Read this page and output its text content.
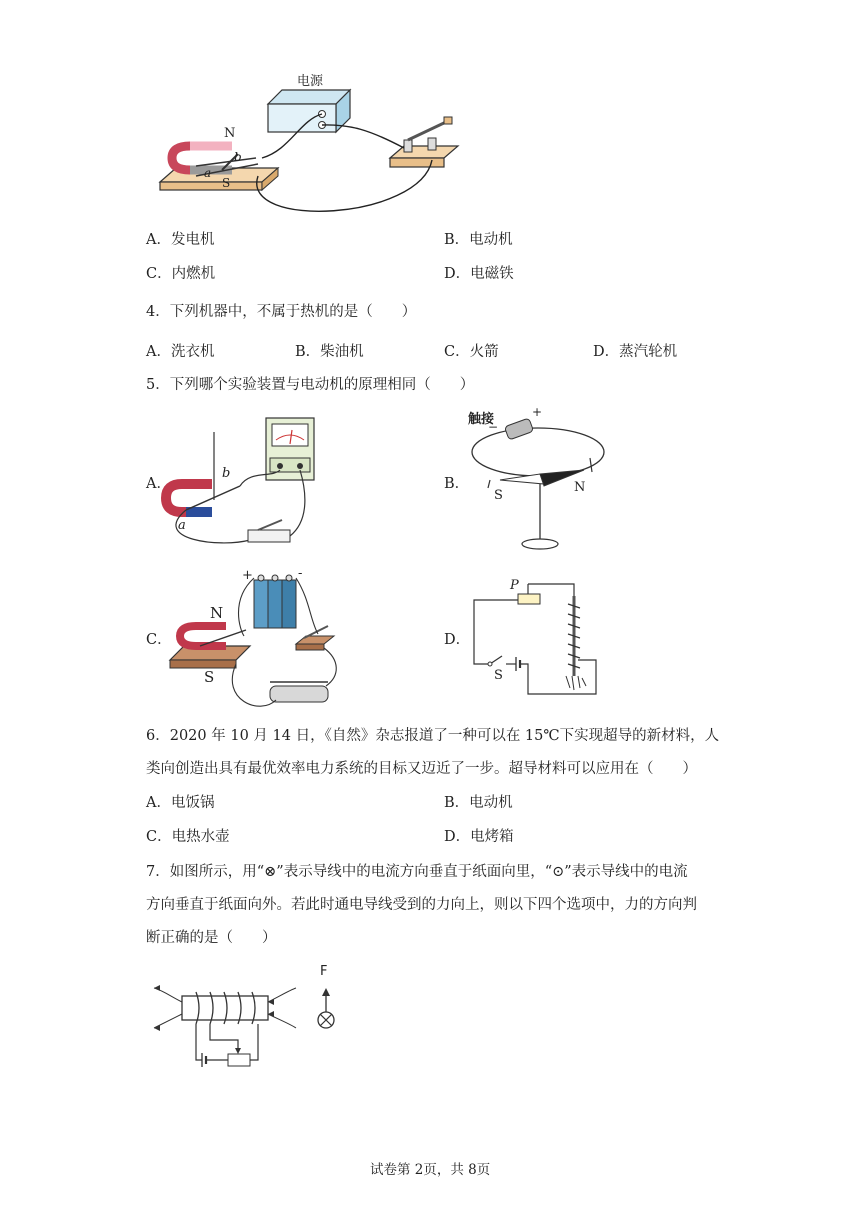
电源
N
S
a
b
A．发电机	B．电动机
C．内燃机	D．电磁铁
4．下列机器中，不属于热机的是（　　）
A．洗衣机	B．柴油机	C．火箭	D．蒸汽轮机
5．下列哪个实验装置与电动机的原理相同（　　）
A．	B．
C．	D．
b
a
触接	+
−
S
N
+	-
N
S
P
S
6．2020 年 10 月 14 日，《自然》杂志报道了一种可以在 15℃下实现超导的新材料，人
类向创造出具有最优效率电力系统的目标又迈近了一步。超导材料可以应用在（　　）
A．电饭锅	B．电动机
C．电热水壶	D．电烤箱
7．如图所示，用“⊗”表示导线中的电流方向垂直于纸面向里，“⊙”表示导线中的电流
方向垂直于纸面向外。若此时通电导线受到的力向上，则以下四个选项中，力的方向判
断正确的是（　　）
F
试卷第 2页，共 8页
